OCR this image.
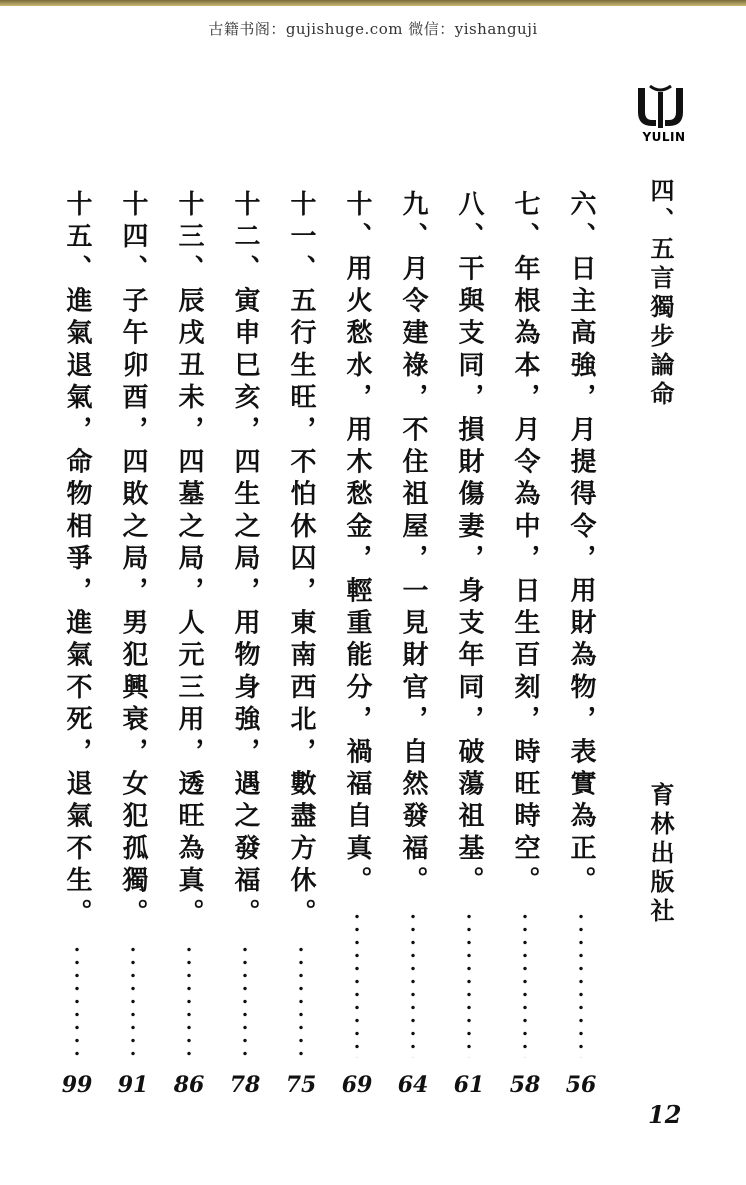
古籍书阁：gujishuge.com 微信：yishanguji
YULIN
四、五言獨步論命
育林出版社
六、日主高強，月提得令，用財為物，表實為正。
56
七、年根為本，月令為中，日生百刻，時旺時空。
58
八、干與支同，損財傷妻，身支年同，破蕩祖基。
61
九、月令建祿，不住祖屋，一見財官，自然發福。
64
十、用火愁水，用木愁金，輕重能分，禍福自真。
69
十一、五行生旺，不怕休囚，東南西北，數盡方休。
75
十二、寅申巳亥，四生之局，用物身強，遇之發福。
78
十三、辰戌丑未，四墓之局，人元三用，透旺為真。
86
十四、子午卯酉，四敗之局，男犯興衰，女犯孤獨。
91
十五、進氣退氣，命物相爭，進氣不死，退氣不生。
99
12
